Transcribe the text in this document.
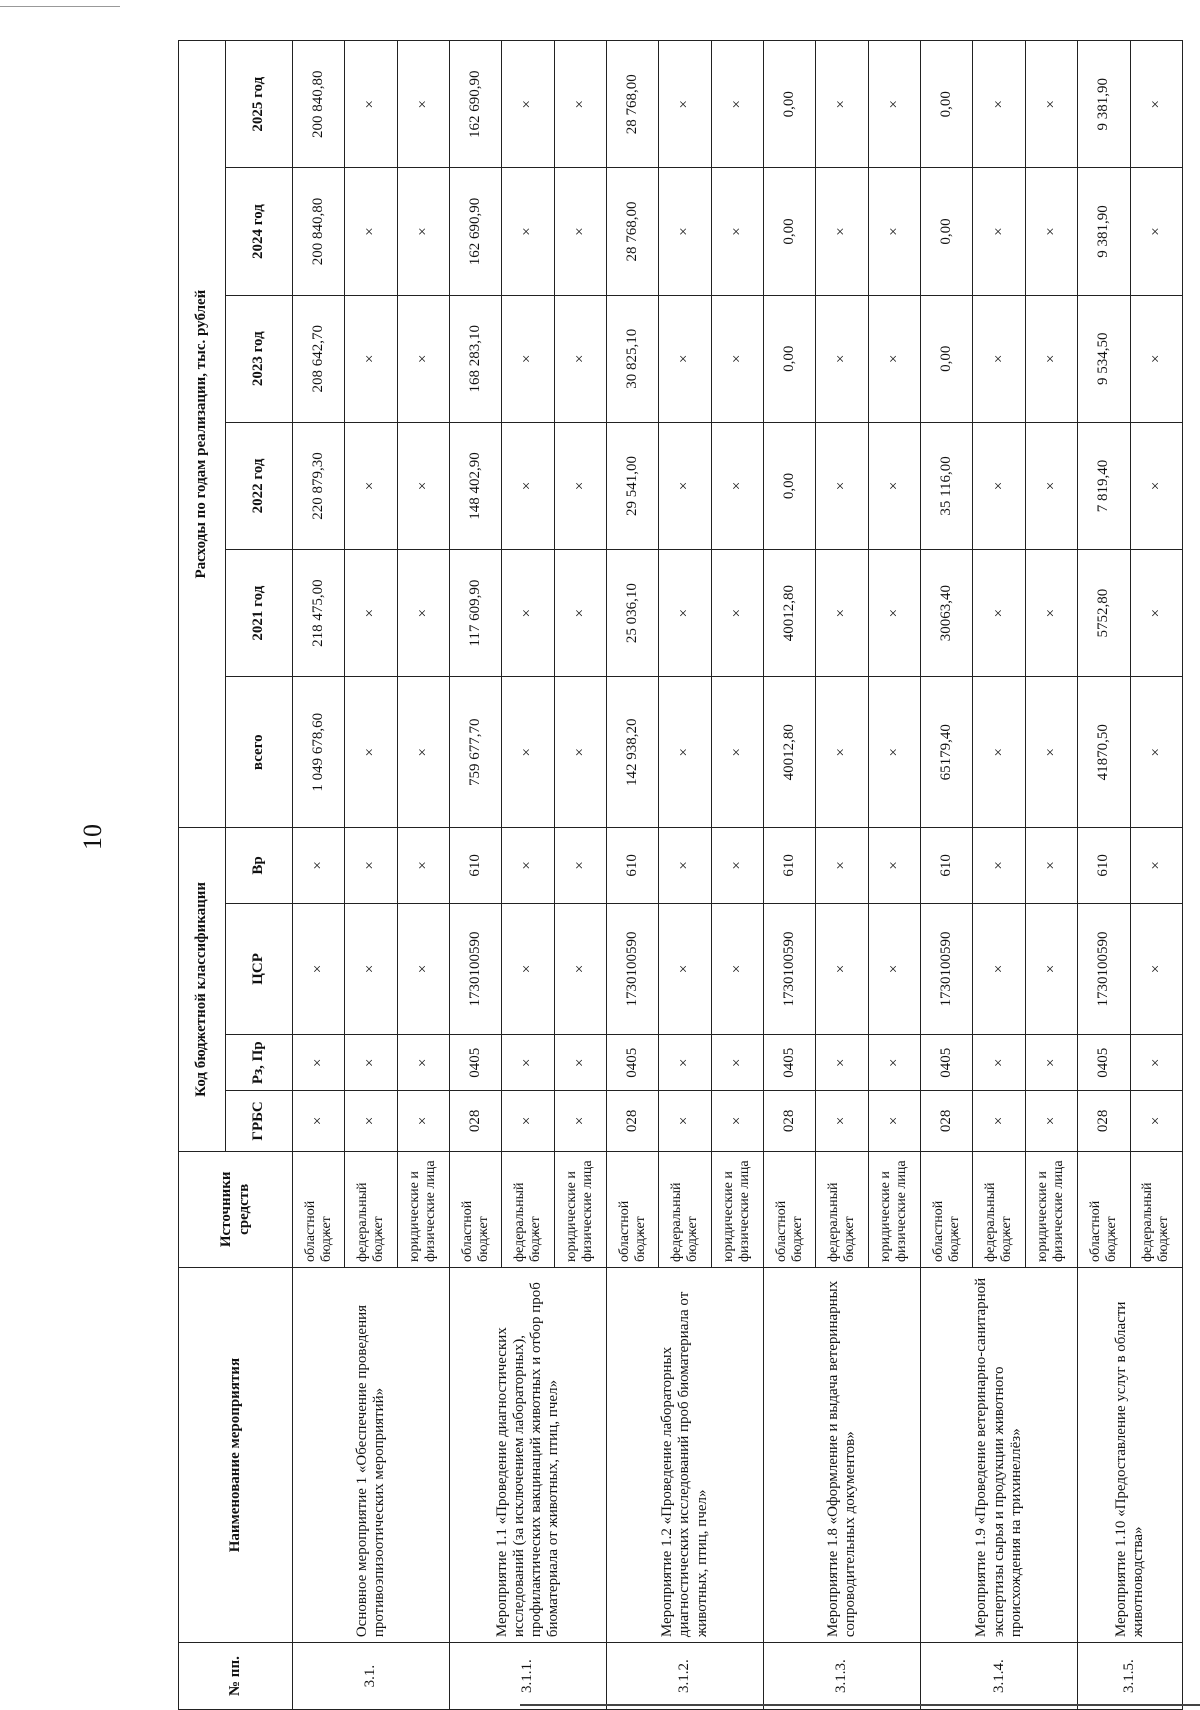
10
№ пп.	Наименование мероприятия	Источники средств	Код бюджетной классификации				Расходы по годам реализации, тыс. рублей					
			ГРБС	Рз, Пр	ЦСР	Вр	всего	2021 год	2022 год	2023 год	2024 год	2025 год
3.1.	Основное мероприятие 1 «Обеспечение проведения противоэпизоотических мероприятий»	областной бюджет	×	×	×	×	1 049 678,60	218 475,00	220 879,30	208 642,70	200 840,80	200 840,80
		федеральный бюджет	×	×	×	×	×	×	×	×	×	×
		юридические и физические лица	×	×	×	×	×	×	×	×	×	×
3.1.1.	Мероприятие 1.1 «Проведение диагностических исследований (за исключением лабораторных), профилактических вакцинаций животных и отбор проб биоматериала от животных, птиц, пчел»	областной бюджет	028	0405	1730100590	610	759 677,70	117 609,90	148 402,90	168 283,10	162 690,90	162 690,90
		федеральный бюджет	×	×	×	×	×	×	×	×	×	×
		юридические и физические лица	×	×	×	×	×	×	×	×	×	×
3.1.2.	Мероприятие 1.2 «Проведение лабораторных диагностических исследований проб биоматериала от животных, птиц, пчел»	областной бюджет	028	0405	1730100590	610	142 938,20	25 036,10	29 541,00	30 825,10	28 768,00	28 768,00
		федеральный бюджет	×	×	×	×	×	×	×	×	×	×
		юридические и физические лица	×	×	×	×	×	×	×	×	×	×
3.1.3.	Мероприятие 1.8 «Оформление и выдача ветеринарных сопроводительных документов»	областной бюджет	028	0405	1730100590	610	40012,80	40012,80	0,00	0,00	0,00	0,00
		федеральный бюджет	×	×	×	×	×	×	×	×	×	×
		юридические и физические лица	×	×	×	×	×	×	×	×	×	×
3.1.4.	Мероприятие 1.9 «Проведение ветеринарно-санитарной экспертизы сырья и продукции животного происхождения на трихинеллёз»	областной бюджет	028	0405	1730100590	610	65179,40	30063,40	35 116,00	0,00	0,00	0,00
		федеральный бюджет	×	×	×	×	×	×	×	×	×	×
		юридические и физические лица	×	×	×	×	×	×	×	×	×	×
3.1.5.	Мероприятие 1.10 «Предоставление услуг в области животноводства»	областной бюджет	028	0405	1730100590	610	41870,50	5752,80	7 819,40	9 534,50	9 381,90	9 381,90
		федеральный бюджет	×	×	×	×	×	×	×	×	×	×
